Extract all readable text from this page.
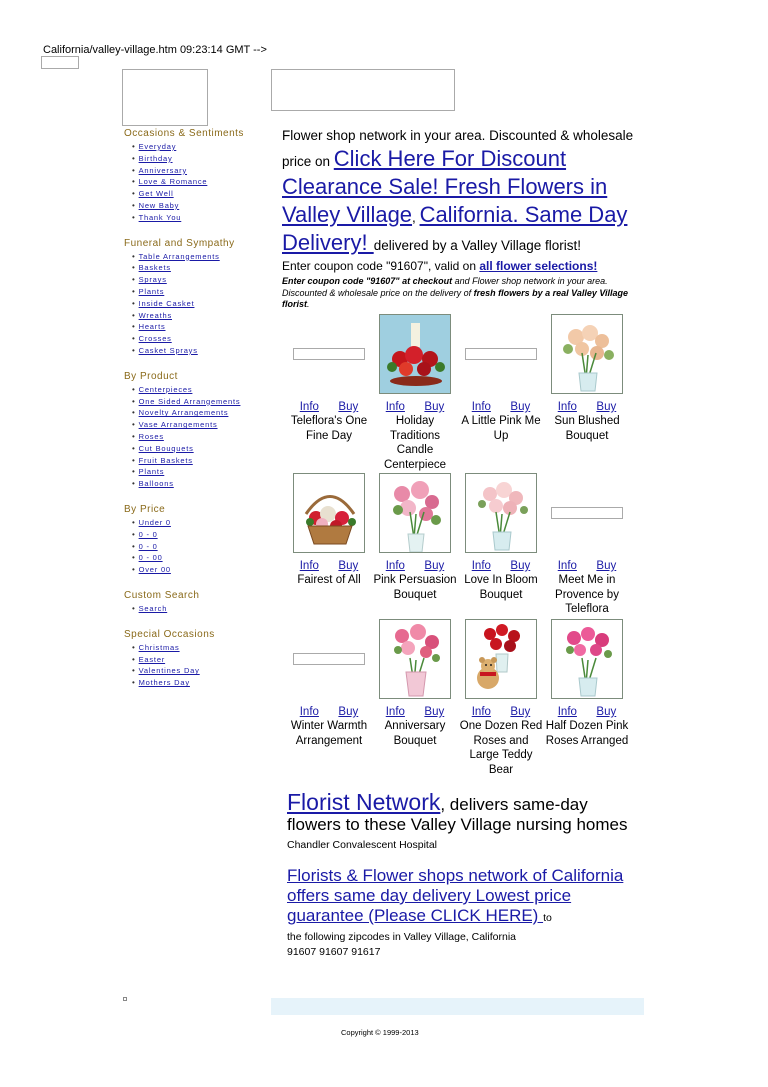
California/valley-village.htm 09:23:14 GMT -->
Occasions & Sentiments
• Everyday
• Birthday
• Anniversary
• Love & Romance
• Get Well
• New Baby
• Thank You
Funeral and Sympathy
• Table Arrangements
• Baskets
• Sprays
• Plants
• Inside Casket
• Wreaths
• Hearts
• Crosses
• Casket Sprays
By Product
• Centerpieces
• One Sided Arrangements
• Novelty Arrangements
• Vase Arrangements
• Roses
• Cut Bouquets
• Fruit Baskets
• Plants
• Balloons
By Price
• Under 0
• 0 - 0
• 0 - 0
• 0 - 00
• Over 00
Custom Search
• Search
Special Occasions
• Christmas
• Easter
• Valentines Day
• Mothers Day
Flower shop network in your area. Discounted & wholesale price on Click Here For Discount Clearance Sale! Fresh Flowers in Valley Village, California. Same Day Delivery! delivered by a Valley Village florist!
Enter coupon code "91607", valid on all flower selections!
Enter coupon code "91607" at checkout and Flower shop network in your area. Discounted & wholesale price on the delivery of fresh flowers by a real Valley Village florist.
Info Buy
Teleflora's One Fine Day
Info Buy
Holiday Traditions Candle Centerpiece
Info Buy
A Little Pink Me Up
Info Buy
Sun Blushed Bouquet
Info Buy
Fairest of All
Info Buy
Pink Persuasion Bouquet
Info Buy
Love In Bloom Bouquet
Info Buy
Meet Me in Provence by Teleflora
Info Buy
Winter Warmth Arrangement
Info Buy
Anniversary Bouquet
Info Buy
One Dozen Red Roses and Large Teddy Bear
Info Buy
Half Dozen Pink Roses Arranged
Florist Network, delivers same-day flowers to these Valley Village nursing homes
Chandler Convalescent Hospital
Florists & Flower shops network of California offers same day delivery Lowest price guarantee (Please CLICK HERE) to
the following zipcodes in Valley Village, California
91607 91607 91617
Copyright © 1999-2013
